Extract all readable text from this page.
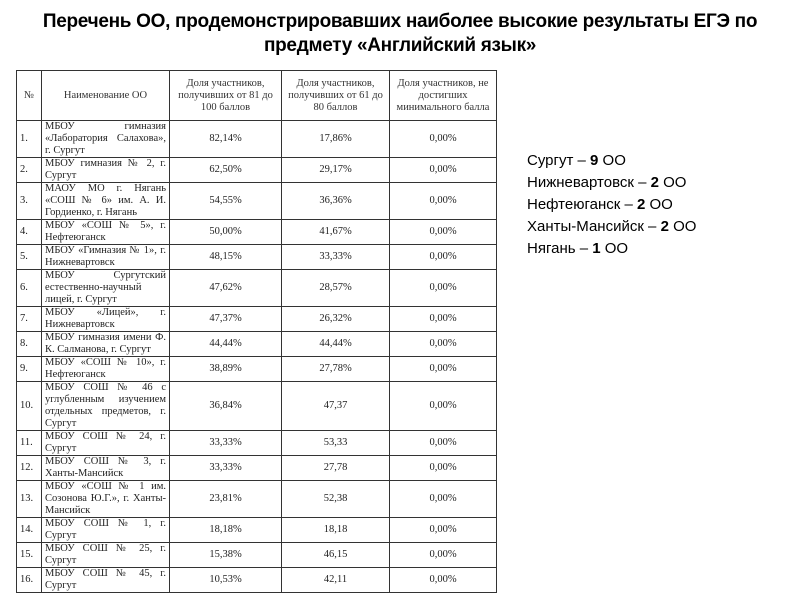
Перечень ОО, продемонстрировавших наиболее высокие результаты ЕГЭ по
предмету «Английский язык»
№	Наименование ОО	Доля участников, получивших от 81 до 100 баллов	Доля участников, получивших от 61 до 80 баллов	Доля участников, не достигших минимального балла
1.	МБОУ гимназия «Лаборатория Салахова», г. Сургут	82,14%	17,86%	0,00%
2.	МБОУ гимназия № 2, г. Сургут	62,50%	29,17%	0,00%
3.	МАОУ МО г. Нягань «СОШ № 6» им. А. И. Гордиенко, г. Нягань	54,55%	36,36%	0,00%
4.	МБОУ «СОШ № 5», г. Нефтеюганск	50,00%	41,67%	0,00%
5.	МБОУ «Гимназия № 1», г. Нижневартовск	48,15%	33,33%	0,00%
6.	МБОУ Сургутский естественно-научный лицей, г. Сургут	47,62%	28,57%	0,00%
7.	МБОУ «Лицей», г. Нижневартовск	47,37%	26,32%	0,00%
8.	МБОУ гимназия имени Ф. К. Салманова, г. Сургут	44,44%	44,44%	0,00%
9.	МБОУ «СОШ № 10», г. Нефтеюганск	38,89%	27,78%	0,00%
10.	МБОУ СОШ № 46 с углубленным изучением отдельных предметов, г. Сургут	36,84%	47,37	0,00%
11.	МБОУ СОШ № 24, г. Сургут	33,33%	53,33	0,00%
12.	МБОУ СОШ № 3, г. Ханты-Мансийск	33,33%	27,78	0,00%
13.	МБОУ «СОШ № 1 им. Созонова Ю.Г.», г. Ханты-Мансийск	23,81%	52,38	0,00%
14.	МБОУ СОШ № 1, г. Сургут	18,18%	18,18	0,00%
15.	МБОУ СОШ № 25, г. Сургут	15,38%	46,15	0,00%
16.	МБОУ СОШ № 45, г. Сургут	10,53%	42,11	0,00%
Сургут – 9 ОО
Нижневартовск – 2 ОО
Нефтеюганск – 2 ОО
Ханты-Мансийск – 2 ОО
Нягань – 1 ОО
